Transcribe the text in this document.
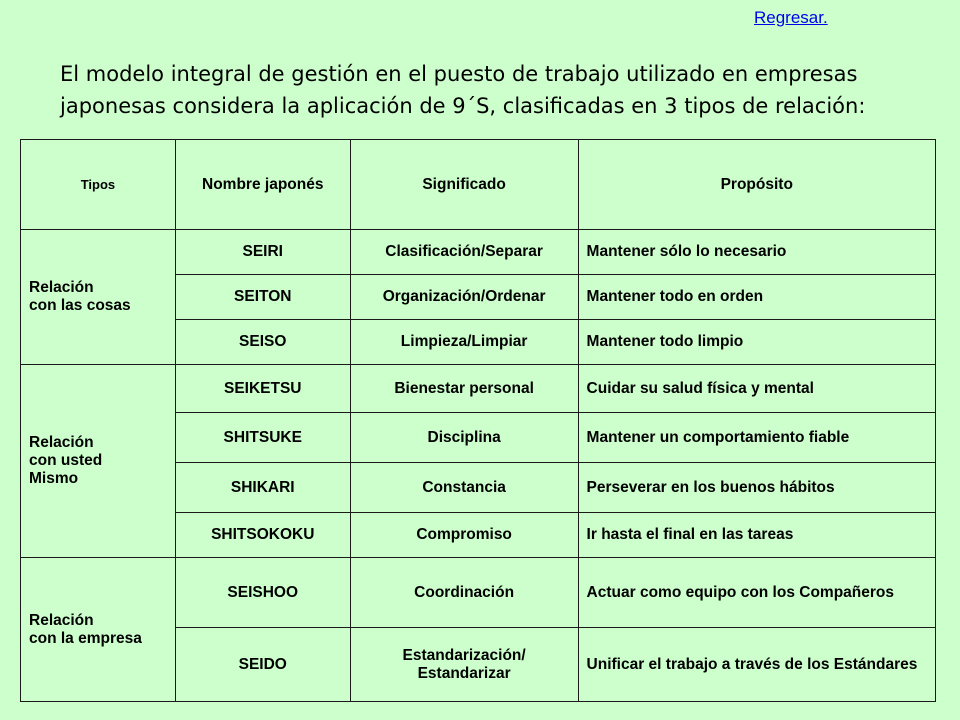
Regresar.
El modelo integral de gestión en el puesto de trabajo utilizado en empresas
japonesas considera la aplicación de 9´S, clasificadas en 3 tipos de relación:
Tipos	Nombre japonés	Significado	Propósito

Relación
con las cosas	SEIRI	Clasificación/Separar	Mantener sólo lo necesario
	SEITON	Organización/Ordenar	Mantener todo en orden
	SEISO	Limpieza/Limpiar	Mantener todo limpio

Relación
con usted
Mismo	SEIKETSU	Bienestar personal	Cuidar su salud física y mental
	SHITSUKE	Disciplina	Mantener un comportamiento fiable
	SHIKARI	Constancia	Perseverar en los buenos hábitos
	SHITSOKOKU	Compromiso	Ir hasta el final en las tareas

Relación
con la empresa	SEISHOO	Coordinación	Actuar como equipo con los Compañeros
	SEIDO	Estandarización/ Estandarizar	Unificar el trabajo a través de los Estándares
